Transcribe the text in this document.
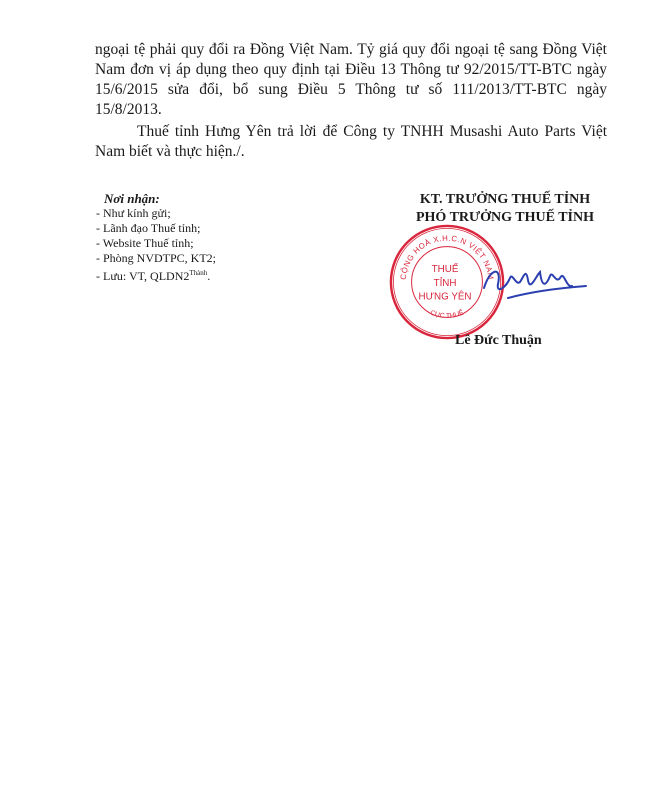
ngoại tệ phải quy đổi ra Đồng Việt Nam. Tỷ giá quy đổi ngoại tệ sang Đồng Việt
Nam đơn vị áp dụng theo quy định tại Điều 13 Thông tư 92/2015/TT-BTC ngày
15/6/2015 sửa đổi, bổ sung Điều 5 Thông tư số 111/2013/TT-BTC ngày
15/8/2013.
Thuế tỉnh Hưng Yên trả lời để Công ty TNHH Musashi Auto Parts Việt
Nam biết và thực hiện./.
Nơi nhận:
- Như kính gửi;
- Lãnh đạo Thuế tỉnh;
- Website Thuế tỉnh;
- Phòng NVDTPC, KT2;
- Lưu: VT, $QLDN2^{Thành}$.
KT. TRƯỞNG THUẾ TỈNH
PHÓ TRƯỞNG THUẾ TỈNH
CỘNG HOÀ X.H.C.N VIỆT NAM
CỤC THUẾ
THUẾ
TỈNH
HƯNG YÊN
Lê Đức Thuận
